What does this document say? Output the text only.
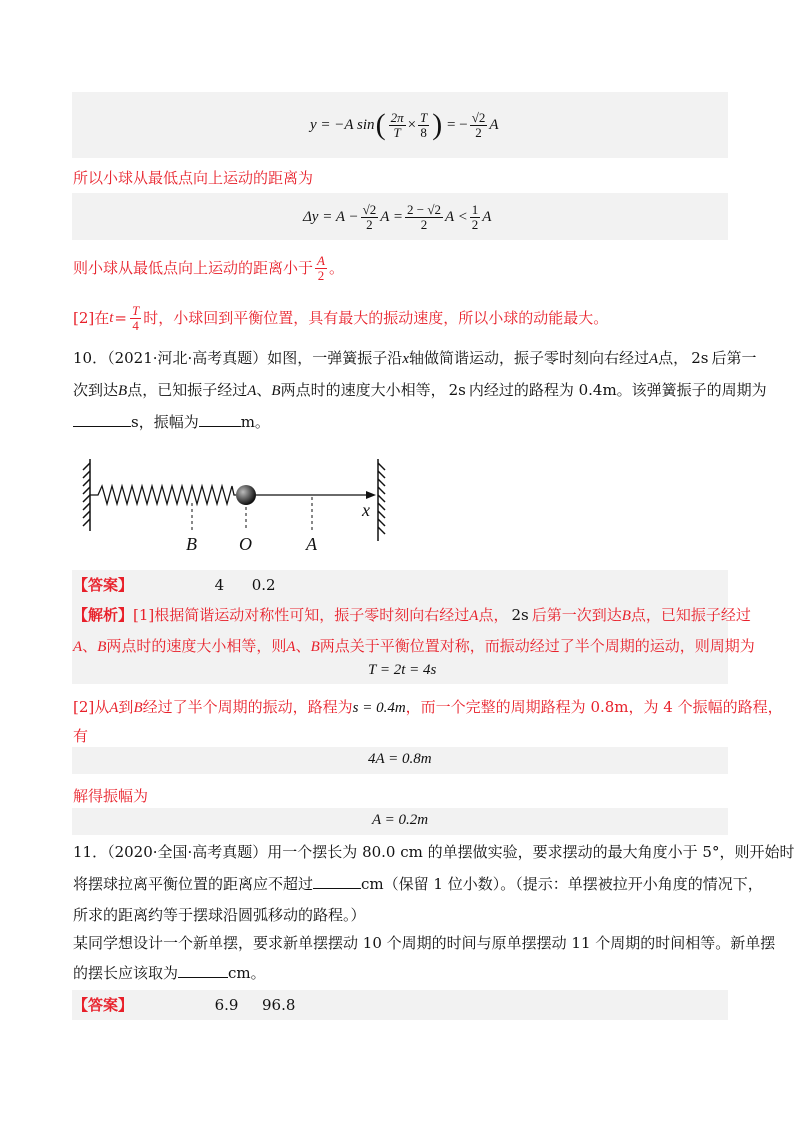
y = −A sin ( $\frac{2\pi}{T} \times \frac{T}{8}$ ) = − $\frac{√2}{2}$ A
所以小球从最低点向上运动的距离为
$\Delta y = A - \frac{√2}{2}$ $A = \frac{2 - √2}{2}$ $A < \frac{1}{2}$ A
则小球从最低点向上运动的距离小于 $\frac{A}{2}$ 。
[2]在 $t = \frac{T}{4}$ 时，小球回到平衡位置，具有最大的振动速度，所以小球的动能最大。
10．（2021·河北·高考真题）如图，一弹簧振子沿x轴做简谐运动，振子零时刻向右经过A点， 2s 后第一
次到达B点，已知振子经过A、B两点时的速度大小相等， 2s 内经过的路程为 0.4m。该弹簧振子的周期为
s，振幅为	m。
x
B O	A
【答案】	4 0.2
【解析】[1]根据简谐运动对称性可知，振子零时刻向右经过A点， 2s 后第一次到达B点，已知振子经过
A、B两点时的速度大小相等，则A、B两点关于平衡位置对称，而振动经过了半个周期的运动，则周期为
T = 2t = 4s
[2]从A到B经过了半个周期的振动，路程为s = 0.4m，而一个完整的周期路程为 0.8m，为 4 个振幅的路程，
有
4A = 0.8m
解得振幅为
A = 0.2m
11．（2020·全国·高考真题）用一个摆长为 80.0 cm 的单摆做实验，要求摆动的最大角度小于 5°，则开始时
将摆球拉离平衡位置的距离应不超过	cm（保留 1 位小数）。（提示：单摆被拉开小角度的情况下，
所求的距离约等于摆球沿圆弧移动的路程。）
某同学想设计一个新单摆，要求新单摆摆动 10 个周期的时间与原单摆摆动 11 个周期的时间相等。新单摆
的摆长应该取为	cm。
【答案】	6.9 96.8
